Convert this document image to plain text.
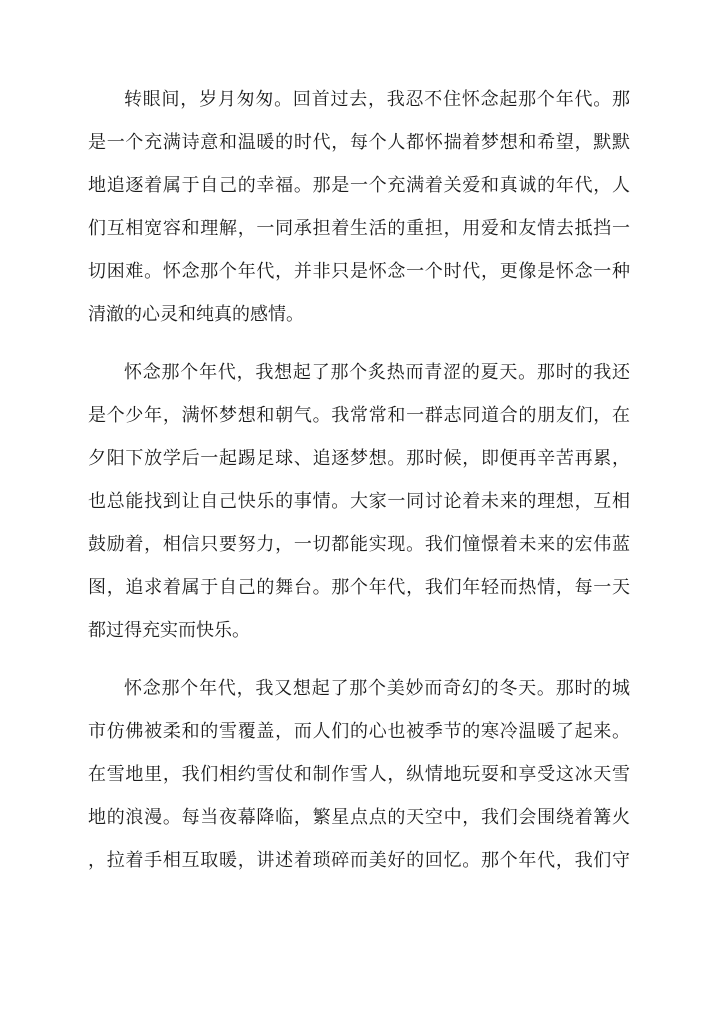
转眼间，岁月匆匆。回首过去，我忍不住怀念起那个年代。那
是一个充满诗意和温暖的时代，每个人都怀揣着梦想和希望，默默
地追逐着属于自己的幸福。那是一个充满着关爱和真诚的年代，人
们互相宽容和理解，一同承担着生活的重担，用爱和友情去抵挡一
切困难。怀念那个年代，并非只是怀念一个时代，更像是怀念一种
清澈的心灵和纯真的感情。
怀念那个年代，我想起了那个炙热而青涩的夏天。那时的我还
是个少年，满怀梦想和朝气。我常常和一群志同道合的朋友们，在
夕阳下放学后一起踢足球、追逐梦想。那时候，即便再辛苦再累，
也总能找到让自己快乐的事情。大家一同讨论着未来的理想，互相
鼓励着，相信只要努力，一切都能实现。我们憧憬着未来的宏伟蓝
图，追求着属于自己的舞台。那个年代，我们年轻而热情，每一天
都过得充实而快乐。
怀念那个年代，我又想起了那个美妙而奇幻的冬天。那时的城
市仿佛被柔和的雪覆盖，而人们的心也被季节的寒冷温暖了起来。
在雪地里，我们相约雪仗和制作雪人，纵情地玩耍和享受这冰天雪
地的浪漫。每当夜幕降临，繁星点点的天空中，我们会围绕着篝火
，拉着手相互取暖，讲述着琐碎而美好的回忆。那个年代，我们守
